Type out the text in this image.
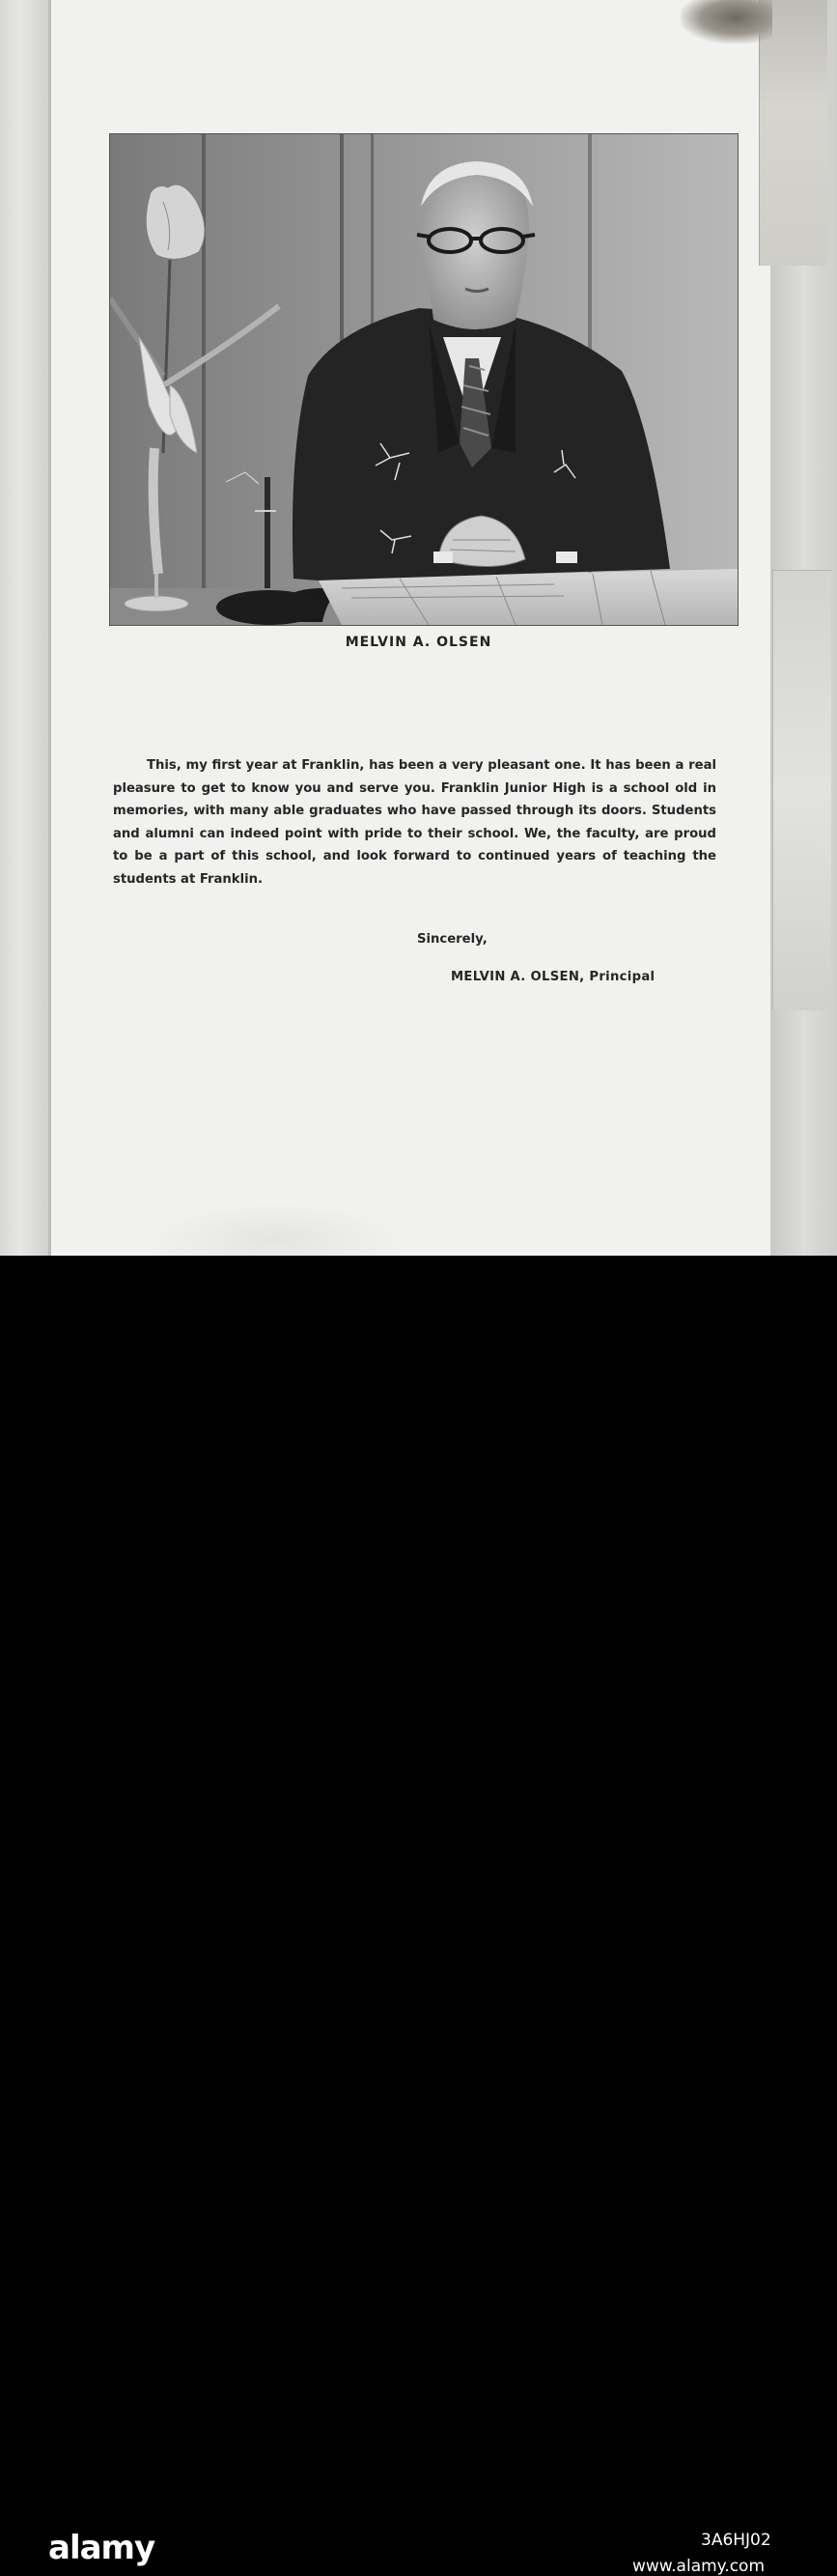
MELVIN A. OLSEN

This, my first year at Franklin, has been a very pleasant one. It has been a real pleasure to get to know you and serve you. Franklin Junior High is a school old in memories, with many able graduates who have passed through its doors. Students and alumni can indeed point with pride to their school. We, the faculty, are proud to be a part of this school, and look forward to continued years of teaching the students at Franklin.

Sincerely,
MELVIN A. OLSEN, Principal
alamy	3A6HJ02
www.alamy.com
